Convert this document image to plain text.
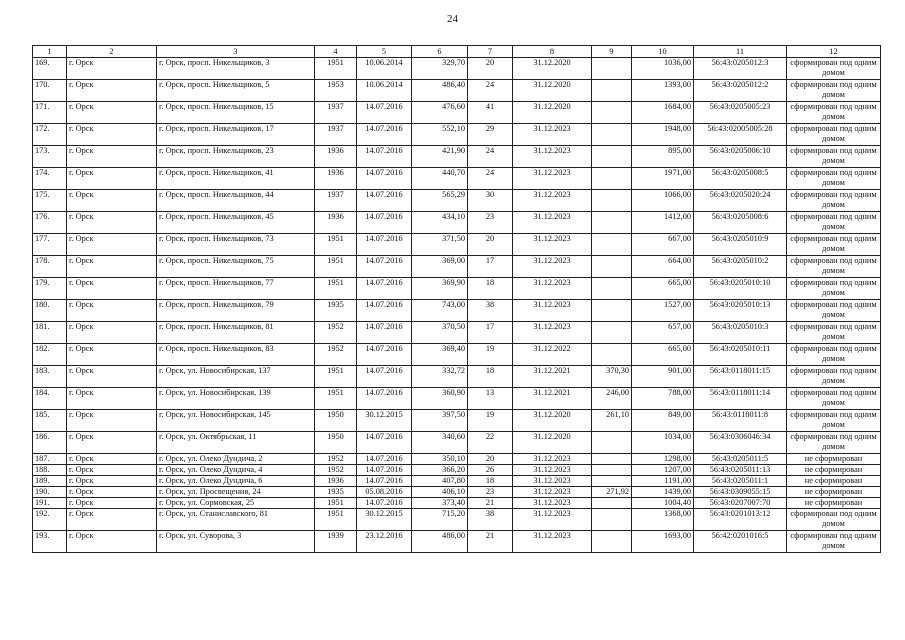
24
1	2	3	4	5	6	7	8	9	10	11	12
169.	г. Орск	г. Орск, просп. Никельщиков, 3	1951	10.06.2014	329,70	20	31.12.2020		1036,00	56:43:0205012:3	сформирован под одним домом
170.	г. Орск	г. Орск, просп. Никельщиков, 5	1953	10.06.2014	486,40	24	31.12.2020		1393,00	56:43:0205012:2	сформирован под одним домом
171.	г. Орск	г. Орск, просп. Никельщиков, 15	1937	14.07.2016	476,60	41	31.12.2020		1684,00	56:43:0205005:23	сформирован под одним домом
172.	г. Орск	г. Орск, просп. Никельщиков, 17	1937	14.07.2016	552,10	29	31.12.2023		1948,00	56:43:02005005:28	сформирован под одним домом
173.	г. Орск	г. Орск, просп. Никельщиков, 23	1936	14.07.2016	421,90	24	31.12.2023		895,00	56:43:0205006:10	сформирован под одним домом
174.	г. Орск	г. Орск, просп. Никельщиков, 41	1936	14.07.2016	440,70	24	31.12.2023		1971,00	56:43:0205008:5	сформирован под одним домом
175.	г. Орск	г. Орск, просп. Никельщиков, 44	1937	14.07.2016	565,29	30	31.12.2023		1066,00	56:43:0205020:24	сформирован под одним домом
176.	г. Орск	г. Орск, просп. Никельщиков, 45	1936	14.07.2016	434,10	23	31.12.2023		1412,00	56:43:0205008:6	сформирован под одним домом
177.	г. Орск	г. Орск, просп. Никельщиков, 73	1951	14.07.2016	371,50	20	31.12.2023		667,00	56:43:0205010:9	сформирован под одним домом
178.	г. Орск	г. Орск, просп. Никельщиков, 75	1951	14.07.2016	369,00	17	31.12.2023		664,00	56:43:0205010:2	сформирован под одним домом
179.	г. Орск	г. Орск, просп. Никельщиков, 77	1951	14.07.2016	369,90	18	31.12.2023		665,00	56:43:0205010:10	сформирован под одним домом
180.	г. Орск	г. Орск, просп. Никельщиков, 79	1935	14.07.2016	743,00	38	31.12.2023		1527,00	56:43:0205010:13	сформирован под одним домом
181.	г. Орск	г. Орск, просп. Никельщиков, 81	1952	14.07.2016	370,50	17	31.12.2023		657,00	56:43:0205010:3	сформирован под одним домом
182.	г. Орск	г. Орск, просп. Никельщиков, 83	1952	14.07.2016	369,40	19	31.12.2022		665,00	56:43:0205010:11	сформирован под одним домом
183.	г. Орск	г. Орск, ул. Новосибирская, 137	1951	14.07.2016	332,72	18	31.12.2021	370,30	901,00	56:43:0118011:15	сформирован под одним домом
184.	г. Орск	г. Орск, ул. Новосибирская, 139	1951	14.07.2016	360,90	13	31.12.2021	246,00	788,00	56:43:0118011:14	сформирован под одним домом
185.	г. Орск	г. Орск, ул. Новосибирская, 145	1950	30.12.2015	397,50	19	31.12.2020	261,10	849,00	56:43:0118011:8	сформирован под одним домом
186.	г. Орск	г. Орск, ул. Октябрьская, 11	1950	14.07.2016	340,60	22	31.12.2020		1034,00	56:43:0306046:34	сформирован под одним домом
187.	г. Орск	г. Орск, ул. Олеко Дундича, 2	1952	14.07.2016	350,10	20	31.12.2023		1298,00	56:43:0205011:5	не сформирован
188.	г. Орск	г. Орск, ул. Олеко Дундича, 4	1952	14.07.2016	366,20	26	31.12.2023		1207,00	56:43:0205011:13	не сформирован
189.	г. Орск	г. Орск, ул. Олеко Дундича, 6	1936	14.07.2016	407,80	18	31.12.2023		1191,00	56:43:0205011:1	не сформирован
190.	г. Орск	г. Орск, ул. Просвещения, 24	1935	05.08.2016	406,10	23	31.12.2023	271,92	1439,00	56:43:0309055:15	не сформирован
191.	г. Орск	г. Орск, ул. Сормовская, 25	1951	14.07.2016	373,40	21	31.12.2023		1004,40	56:43:0207007:70	не сформирован
192.	г. Орск	г. Орск, ул. Станиславского, 81	1951	30.12.2015	715,20	38	31.12.2023		1368,00	56:43:0201013:12	сформирован под одним домом
193.	г. Орск	г. Орск, ул. Суворова, 3	1939	23.12.2016	486,00	21	31.12.2023		1693,00	56:42:0201016:5	сформирован под одним домом
